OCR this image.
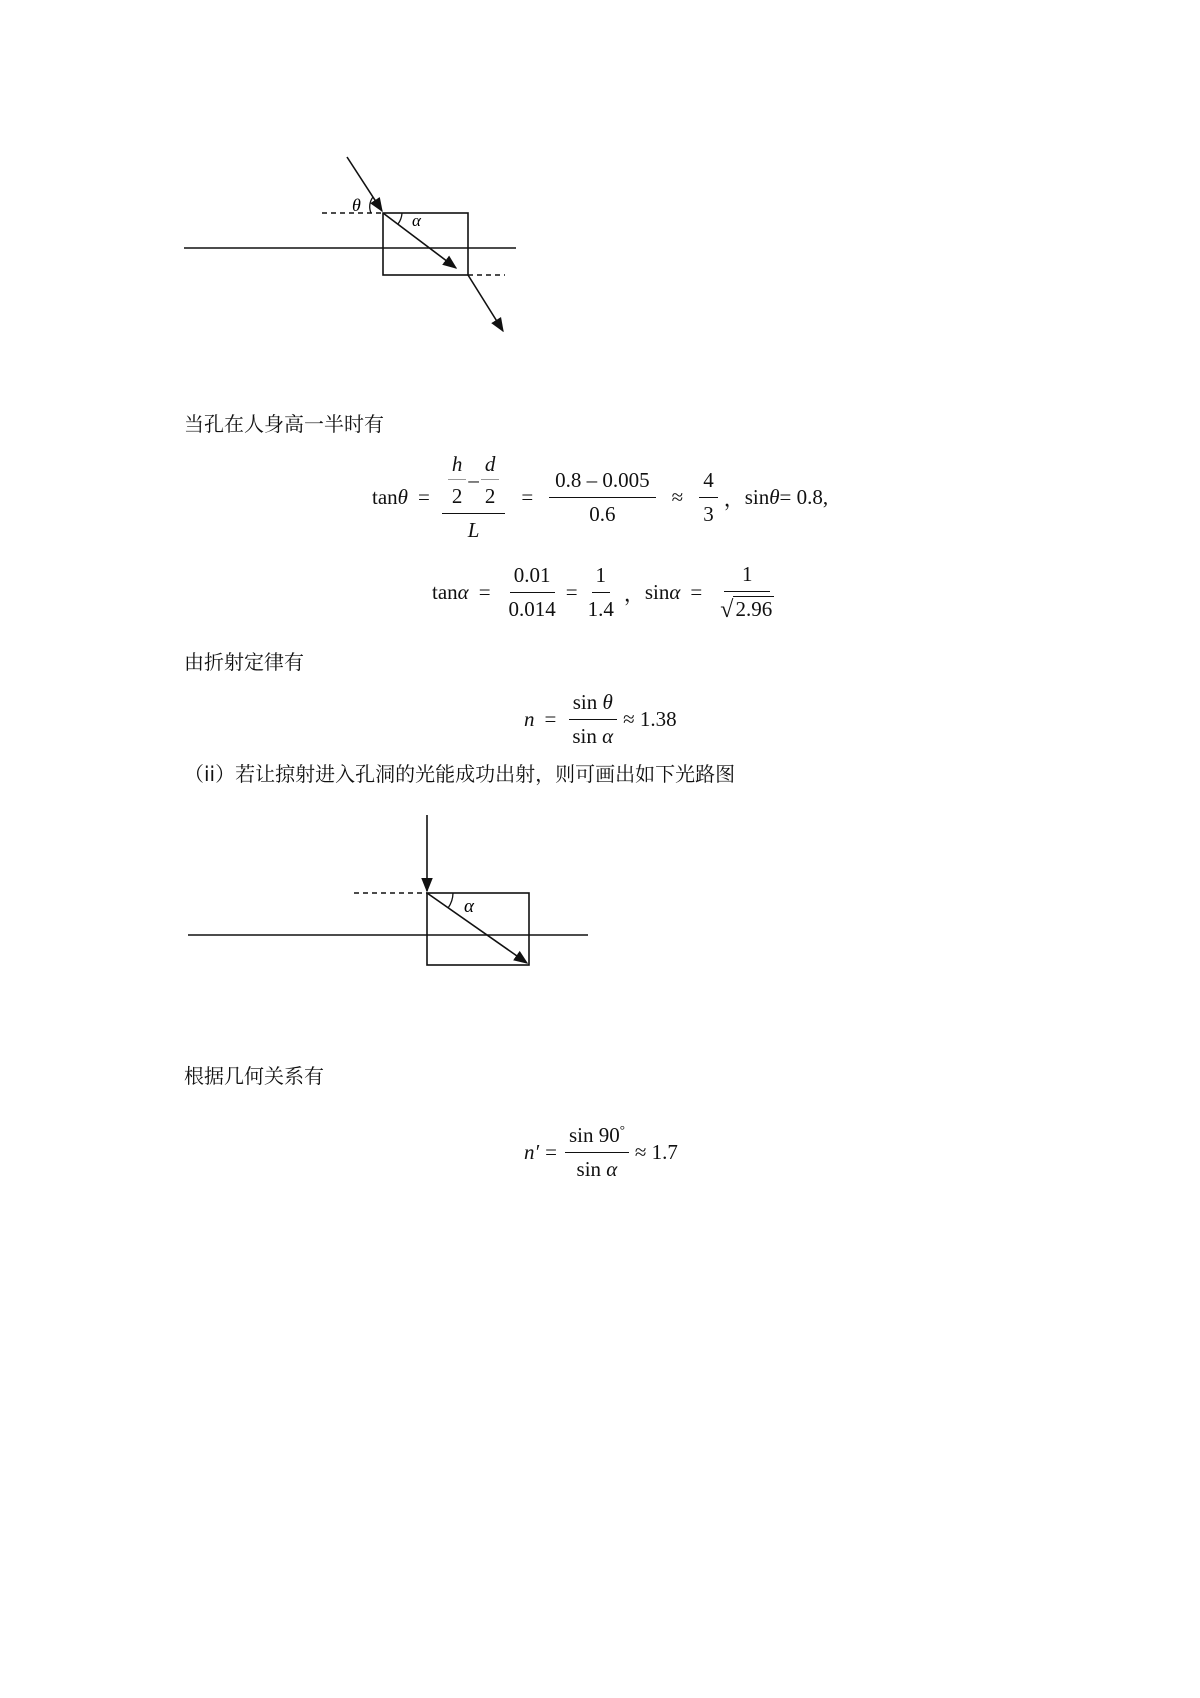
θ
α
当孔在人身高一半时有
$\tan \theta = \frac{\frac{h}{2} - \frac{d}{2}}{L} = \frac{0.8 - 0.005}{0.6} \approx \frac{4}{3}$ ， sin θ = 0.8,
$\tan \alpha = \frac{0.01}{0.014} = \frac{1}{1.4}$ ， $\sin \alpha = \frac{1}{√ 2.96}$
由折射定律有
$n = \frac{\text{sin θ}}{\text{sin α}} \approx 1.38$
（ii）若让掠射进入孔洞的光能成功出射，则可画出如下光路图
α
根据几何关系有
$n' = \frac{\sin 90^\circ}{\text{sin α}} \approx 1.7$
